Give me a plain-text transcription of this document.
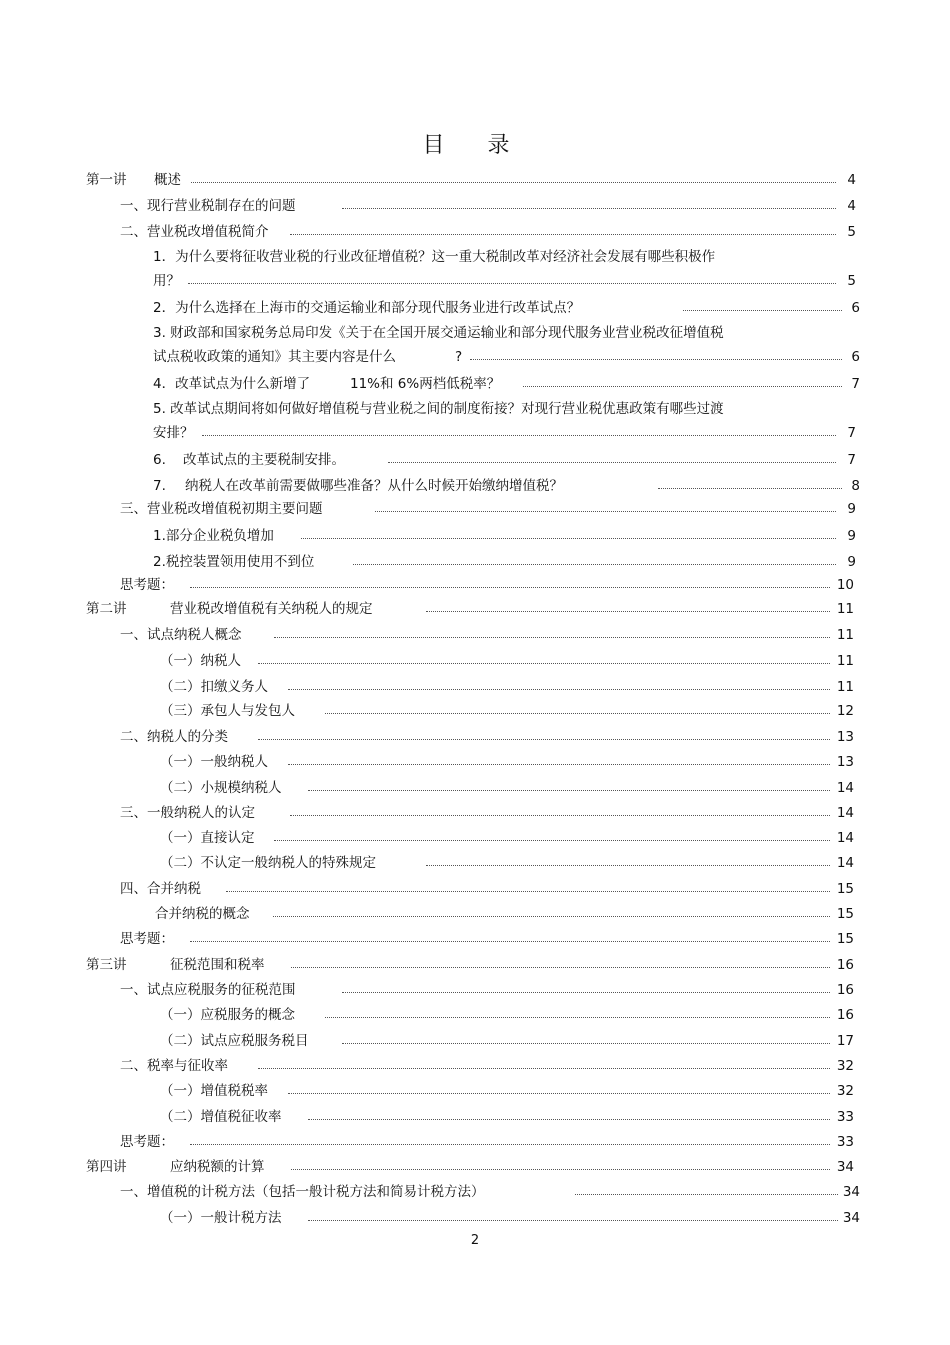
目 录
第一讲 概述	4
一、现行营业税制存在的问题	4
二、营业税改增值税简介	5
1．为什么要将征收营业税的行业改征增值税？这一重大税制改革对经济社会发展有哪些积极作
用？	5
2．为什么选择在上海市的交通运输业和部分现代服务业进行改革试点？	6
3. 财政部和国家税务总局印发《关于在全国开展交通运输业和部分现代服务业营业税改征增值税
试点税收政策的通知》其主要内容是什么	?	6
4．改革试点为什么新增了	11%和 6%两档低税率？	7
5. 改革试点期间将如何做好增值税与营业税之间的制度衔接？对现行营业税优惠政策有哪些过渡
安排？	7
6. 改革试点的主要税制安排。	7
7. 纳税人在改革前需要做哪些准备？从什么时候开始缴纳增值税？	8
三、营业税改增值税初期主要问题	9
1.部分企业税负增加	9
2.税控装置领用使用不到位	9
思考题：	10
第二讲	营业税改增值税有关纳税人的规定	11
一、试点纳税人概念	11
（一）纳税人	11
（二）扣缴义务人	11
（三）承包人与发包人	12
二、纳税人的分类	13
（一）一般纳税人	13
（二）小规模纳税人	14
三、一般纳税人的认定	14
（一）直接认定	14
（二）不认定一般纳税人的特殊规定	14
四、合并纳税	15
合并纳税的概念	15
思考题：	15
第三讲	征税范围和税率	16
一、试点应税服务的征税范围	16
（一）应税服务的概念	16
（二）试点应税服务税目	17
二、税率与征收率	32
（一）增值税税率	32
（二）增值税征收率	33
思考题：	33
第四讲	应纳税额的计算	34
一、增值税的计税方法（包括一般计税方法和简易计税方法）	34
（一）一般计税方法	34
2
